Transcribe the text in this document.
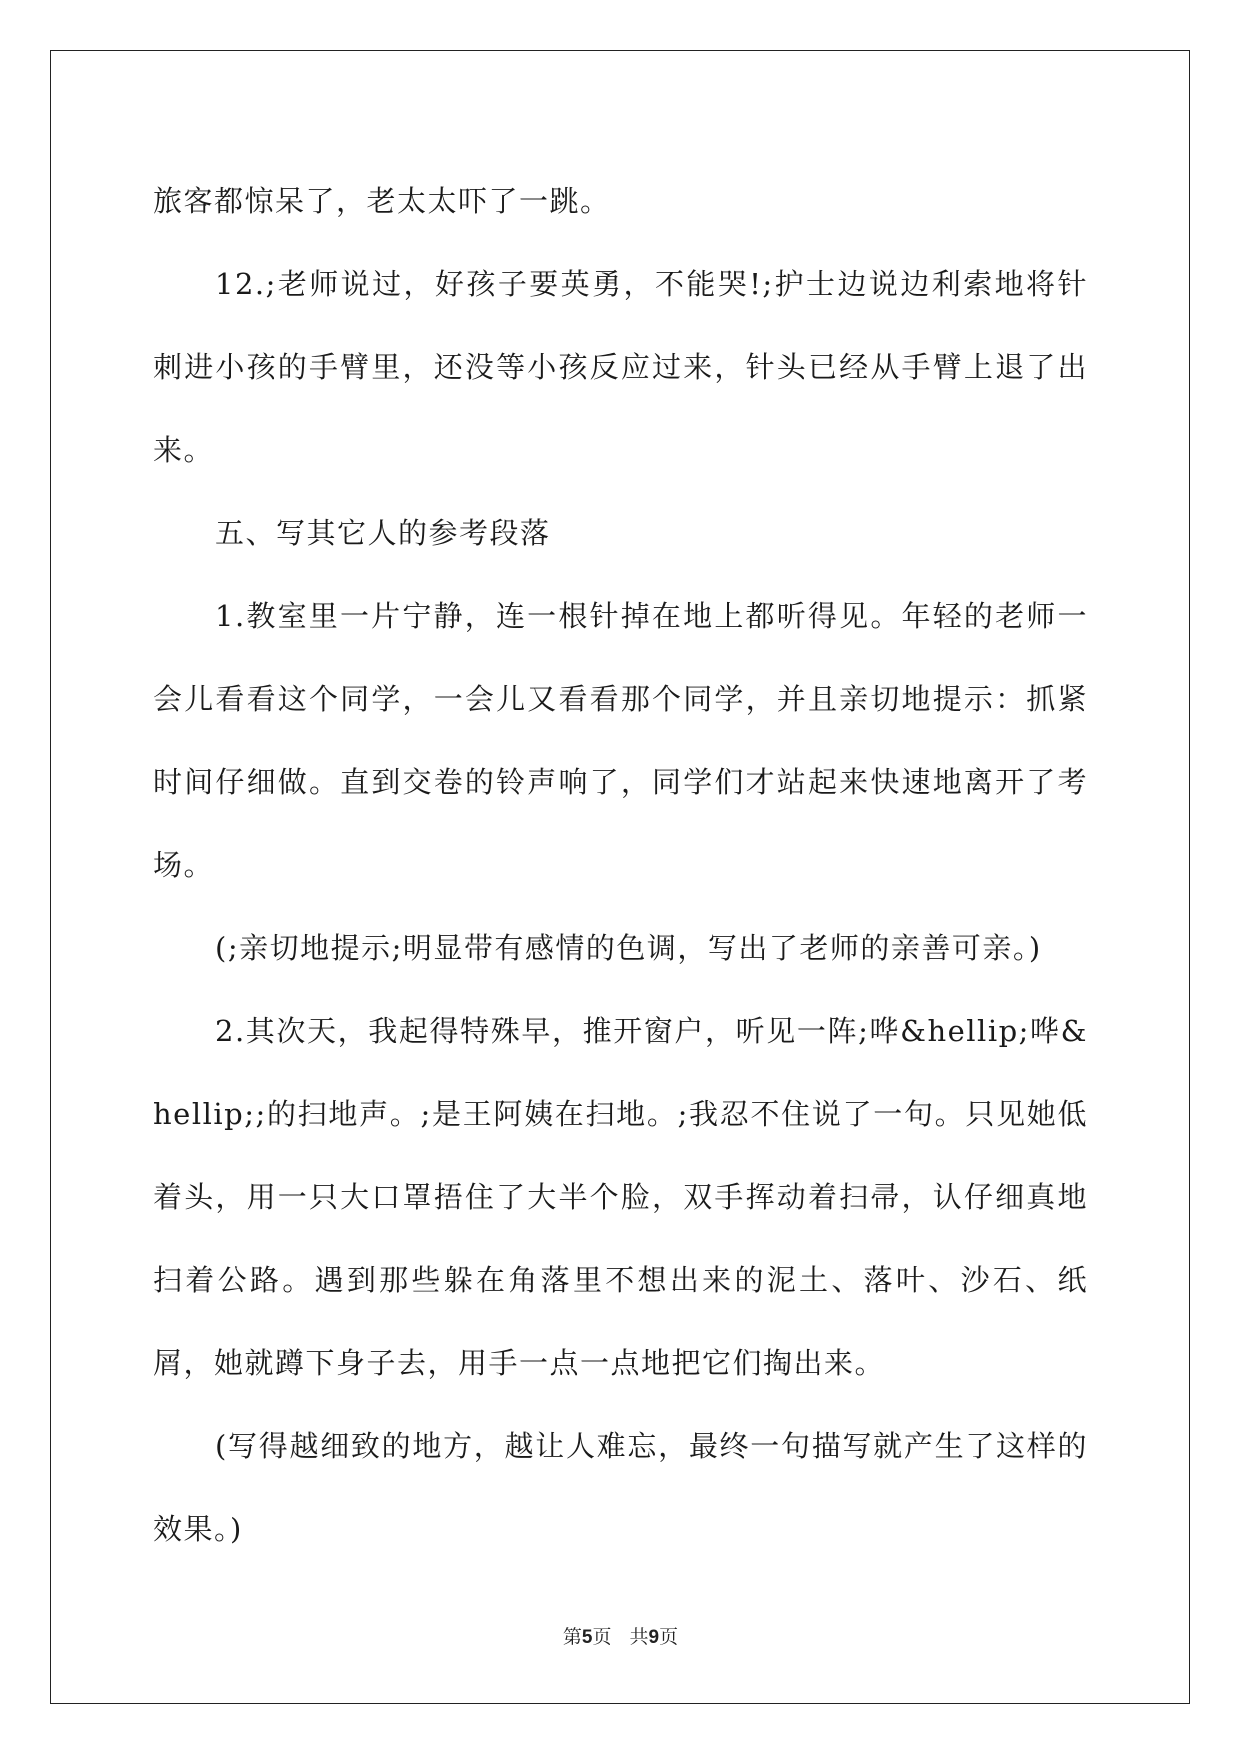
旅客都惊呆了，老太太吓了一跳。

12.;老师说过，好孩子要英勇，不能哭!;护士边说边利索地将针刺进小孩的手臂里，还没等小孩反应过来，针头已经从手臂上退了出来。

五、写其它人的参考段落

1.教室里一片宁静，连一根针掉在地上都听得见。年轻的老师一会儿看看这个同学，一会儿又看看那个同学，并且亲切地提示：抓紧时间仔细做。直到交卷的铃声响了，同学们才站起来快速地离开了考场。

(;亲切地提示;明显带有感情的色调，写出了老师的亲善可亲。)

2.其次天，我起得特殊早，推开窗户，听见一阵;哗&hellip;哗&hellip;;的扫地声。;是王阿姨在扫地。;我忍不住说了一句。只见她低着头，用一只大口罩捂住了大半个脸，双手挥动着扫帚，认仔细真地扫着公路。遇到那些躲在角落里不想出来的泥土、落叶、沙石、纸屑，她就蹲下身子去，用手一点一点地把它们掏出来。

(写得越细致的地方，越让人难忘，最终一句描写就产生了这样的效果。)

第5页 共9页
